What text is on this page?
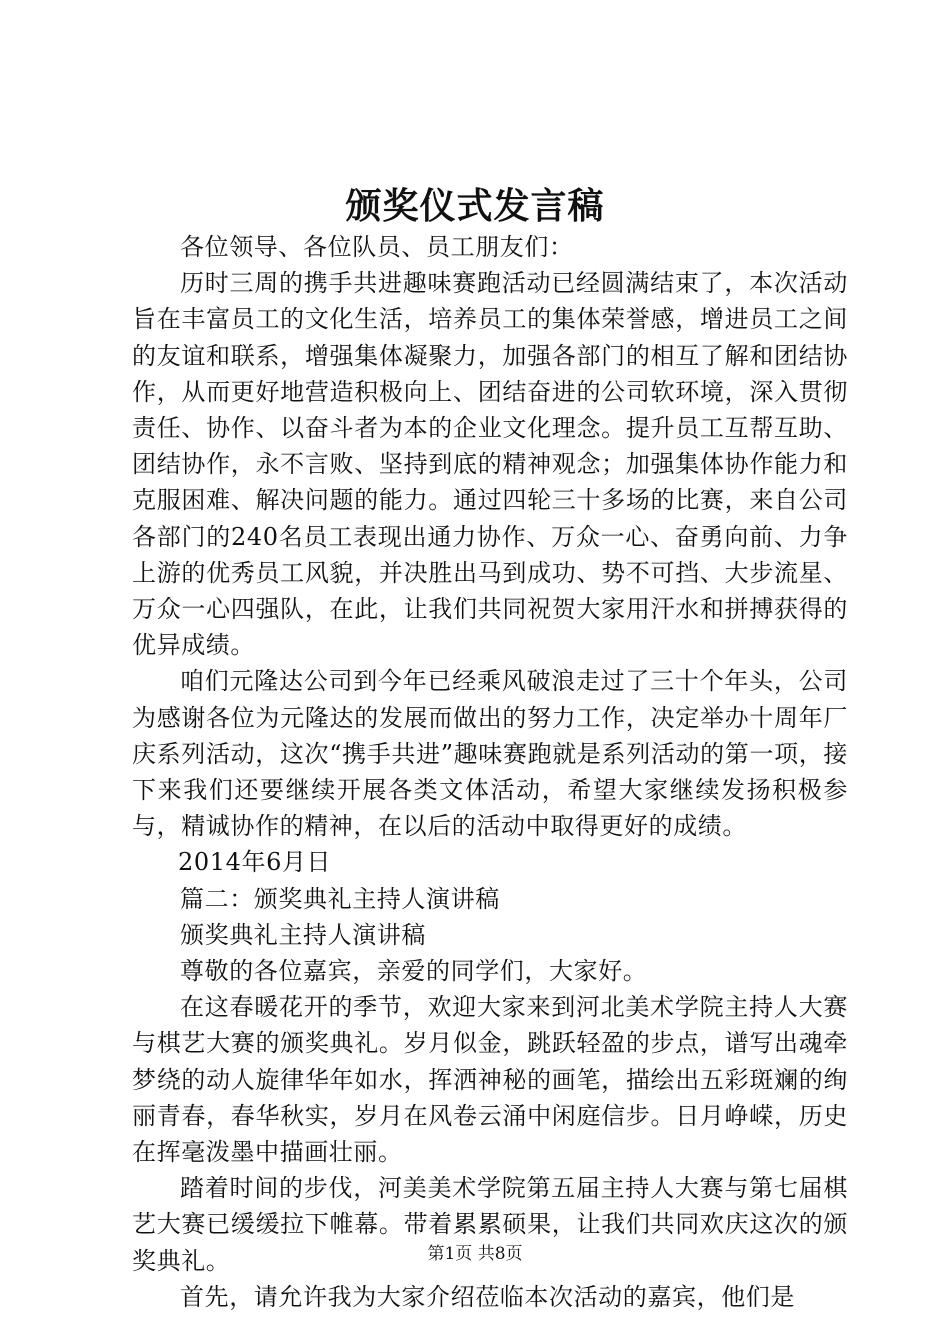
颁奖仪式发言稿

各位领导、各位队员、员工朋友们：

历时三周的携手共进趣味赛跑活动已经圆满结束了，本次活动旨在丰富员工的文化生活，培养员工的集体荣誉感，增进员工之间的友谊和联系，增强集体凝聚力，加强各部门的相互了解和团结协作，从而更好地营造积极向上、团结奋进的公司软环境，深入贯彻责任、协作、以奋斗者为本的企业文化理念。提升员工互帮互助、团结协作，永不言败、坚持到底的精神观念；加强集体协作能力和克服困难、解决问题的能力。通过四轮三十多场的比赛，来自公司各部门的240名员工表现出通力协作、万众一心、奋勇向前、力争上游的优秀员工风貌，并决胜出马到成功、势不可挡、大步流星、万众一心四强队，在此，让我们共同祝贺大家用汗水和拼搏获得的优异成绩。

咱们元隆达公司到今年已经乘风破浪走过了三十个年头，公司为感谢各位为元隆达的发展而做出的努力工作，决定举办十周年厂庆系列活动，这次“携手共进”趣味赛跑就是系列活动的第一项，接下来我们还要继续开展各类文体活动，希望大家继续发扬积极参与，精诚协作的精神，在以后的活动中取得更好的成绩。

2014年6月日

篇二：颁奖典礼主持人演讲稿

颁奖典礼主持人演讲稿

尊敬的各位嘉宾，亲爱的同学们，大家好。

在这春暖花开的季节，欢迎大家来到河北美术学院主持人大赛与棋艺大赛的颁奖典礼。岁月似金，跳跃轻盈的步点，谱写出魂牵梦绕的动人旋律华年如水，挥洒神秘的画笔，描绘出五彩斑斓的绚丽青春，春华秋实，岁月在风卷云涌中闲庭信步。日月峥嵘，历史在挥毫泼墨中描画壮丽。

踏着时间的步伐，河美美术学院第五届主持人大赛与第七届棋艺大赛已缓缓拉下帷幕。带着累累硕果，让我们共同欢庆这次的颁奖典礼。

首先，请允许我为大家介绍莅临本次活动的嘉宾，他们是

第1页 共8页
